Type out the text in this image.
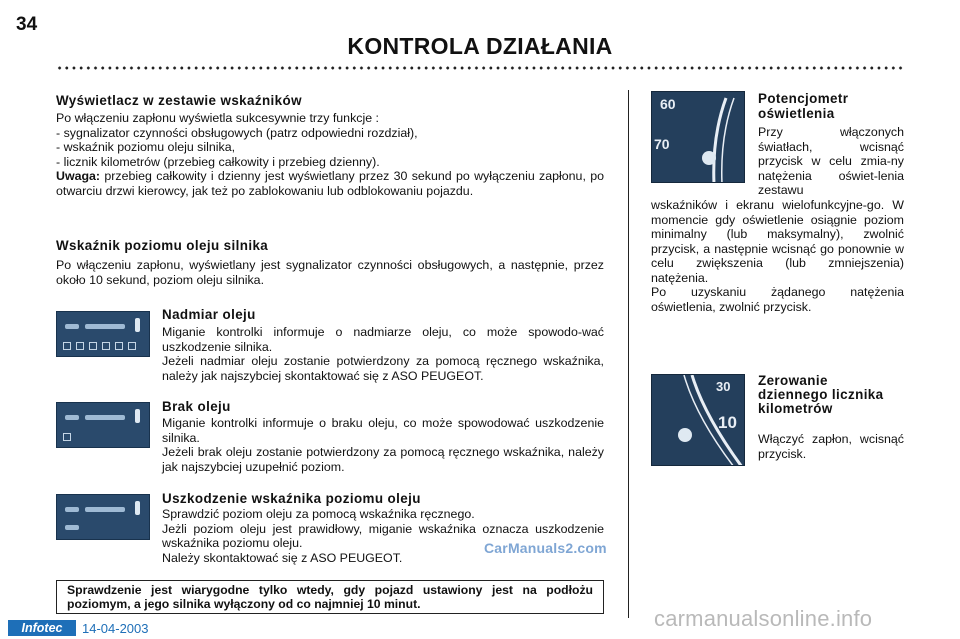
34
KONTROLA DZIAŁANIA
Wyświetlacz w zestawie wskaźników
Po włączeniu zapłonu wyświetla sukcesywnie trzy funkcje :
- sygnalizator czynności obsługowych (patrz odpowiedni rozdział),
- wskaźnik poziomu oleju silnika,
- licznik kilometrów (przebieg całkowity i przebieg dzienny).
Uwaga: przebieg całkowity i dzienny jest wyświetlany przez 30 sekund po wyłączeniu zapłonu, po otwarciu drzwi kierowcy, jak też po zablokowaniu lub odblokowaniu pojazdu.
Wskaźnik poziomu oleju silnika
Po włączeniu zapłonu, wyświetlany jest sygnalizator czynności obsługowych, a następnie, przez około 10 sekund, poziom oleju silnika.
Nadmiar oleju
Miganie kontrolki informuje o nadmiarze oleju, co może spowodo-wać uszkodzenie silnika.
Jeżeli nadmiar oleju zostanie potwierdzony za pomocą ręcznego wskaźnika, należy jak najszybciej skontaktować się z ASO PEUGEOT.
Brak oleju
Miganie kontrolki informuje o braku oleju, co może spowodować uszkodzenie silnika.
Jeżeli brak oleju zostanie potwierdzony za pomocą ręcznego wskaźnika, należy jak najszybciej uzupełnić poziom.
Uszkodzenie wskaźnika poziomu oleju
Sprawdzić poziom oleju za pomocą wskaźnika ręcznego.
Jeżli poziom oleju jest prawidłowy, miganie wskaźnika oznacza uszkodzenie wskaźnika poziomu oleju.
Należy skontaktować się z ASO PEUGEOT.
CarManuals2.com
Sprawdzenie jest wiarygodne tylko wtedy, gdy pojazd ustawiony jest na podłożu poziomym, a jego silnika wyłączony od co najmniej 10 minut.
60
70
Potencjometr oświetlenia
Przy włączonych światłach, wcisnąć przycisk w celu zmia-ny natężenia oświet-lenia zestawu
wskaźników i ekranu wielofunkcyjne-go. W momencie gdy oświetlenie osiągnie poziom minimalny (lub maksymalny), zwolnić przycisk, a następnie wcisnąć go ponownie w celu zwiększenia (lub zmniejszenia) natężenia.
Po uzyskaniu żądanego natężenia oświetlenia, zwolnić przycisk.
30
10
Zerowanie dziennego licznika kilometrów
Włączyć zapłon, wcisnąć przycisk.
Infotec	14-04-2003	carmanualsonline.info
